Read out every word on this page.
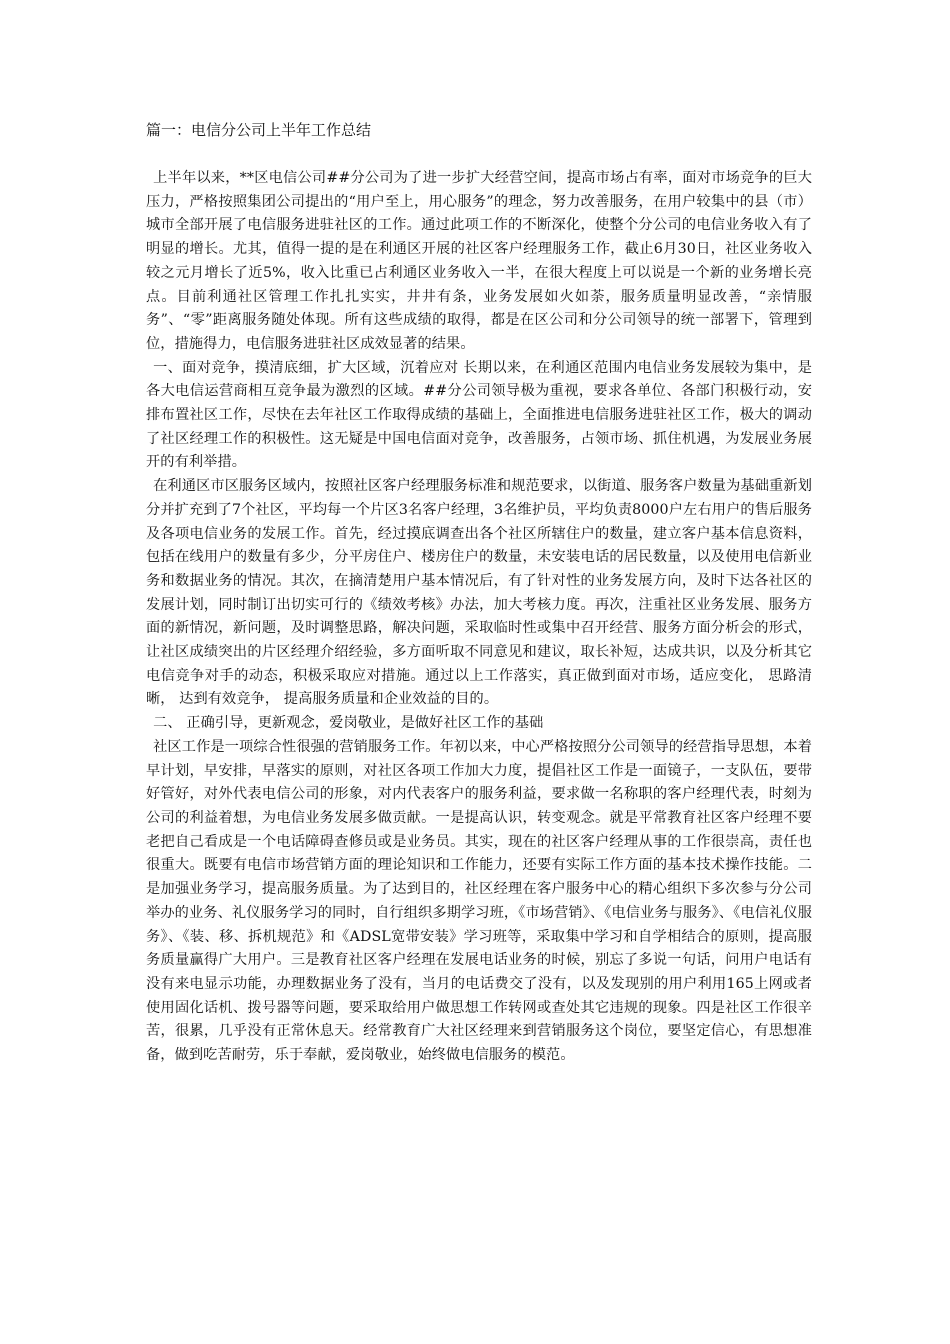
篇一：电信分公司上半年工作总结

上半年以来，**区电信公司##分公司为了进一步扩大经营空间，提高市场占有率，面对市场竞争的巨大压力，严格按照集团公司提出的“用户至上，用心服务”的理念，努力改善服务，在用户较集中的县（市）城市全部开展了电信服务进驻社区的工作。通过此项工作的不断深化，使整个分公司的电信业务收入有了明显的增长。尤其，值得一提的是在利通区开展的社区客户经理服务工作，截止6月30日，社区业务收入较之元月增长了近5%，收入比重已占利通区业务收入一半，在很大程度上可以说是一个新的业务增长亮点。目前利通社区管理工作扎扎实实，井井有条，业务发展如火如荼，服务质量明显改善，“亲情服务”、“零”距离服务随处体现。所有这些成绩的取得，都是在区公司和分公司领导的统一部署下，管理到位，措施得力，电信服务进驻社区成效显著的结果。

一、面对竞争，摸清底细，扩大区域，沉着应对 长期以来，在利通区范围内电信业务发展较为集中，是各大电信运营商相互竞争最为激烈的区域。##分公司领导极为重视，要求各单位、各部门积极行动，安排布置社区工作，尽快在去年社区工作取得成绩的基础上，全面推进电信服务进驻社区工作，极大的调动了社区经理工作的积极性。这无疑是中国电信面对竞争，改善服务，占领市场、抓住机遇，为发展业务展开的有利举措。

在利通区市区服务区域内，按照社区客户经理服务标准和规范要求，以街道、服务客户数量为基础重新划分并扩充到了7个社区，平均每一个片区3名客户经理，3名维护员，平均负责8000户左右用户的售后服务及各项电信业务的发展工作。首先，经过摸底调查出各个社区所辖住户的数量，建立客户基本信息资料，包括在线用户的数量有多少，分平房住户、楼房住户的数量，未安装电话的居民数量，以及使用电信新业务和数据业务的情况。其次，在摘清楚用户基本情况后，有了针对性的业务发展方向，及时下达各社区的发展计划，同时制订出切实可行的《绩效考核》办法，加大考核力度。再次，注重社区业务发展、服务方面的新情况，新问题，及时调整思路，解决问题，采取临时性或集中召开经营、服务方面分析会的形式，让社区成绩突出的片区经理介绍经验，多方面听取不同意见和建议，取长补短，达成共识，以及分析其它电信竞争对手的动态，积极采取应对措施。通过以上工作落实，真正做到面对市场，适应变化， 思路清晰， 达到有效竞争， 提高服务质量和企业效益的目的。

二、 正确引导，更新观念，爱岗敬业，是做好社区工作的基础

社区工作是一项综合性很强的营销服务工作。年初以来，中心严格按照分公司领导的经营指导思想，本着早计划，早安排，早落实的原则，对社区各项工作加大力度，提倡社区工作是一面镜子，一支队伍，要带好管好，对外代表电信公司的形象，对内代表客户的服务利益，要求做一名称职的客户经理代表，时刻为公司的利益着想，为电信业务发展多做贡献。一是提高认识，转变观念。就是平常教育社区客户经理不要老把自己看成是一个电话障碍查修员或是业务员。其实，现在的社区客户经理从事的工作很崇高，责任也很重大。既要有电信市场营销方面的理论知识和工作能力，还要有实际工作方面的基本技术操作技能。二是加强业务学习，提高服务质量。为了达到目的，社区经理在客户服务中心的精心组织下多次参与分公司举办的业务、礼仪服务学习的同时，自行组织多期学习班，《市场营销》、《电信业务与服务》、《电信礼仪服务》、《装、移、拆机规范》和《ADSL宽带安装》学习班等，采取集中学习和自学相结合的原则，提高服务质量赢得广大用户。三是教育社区客户经理在发展电话业务的时候，别忘了多说一句话，问用户电话有没有来电显示功能，办理数据业务了没有，当月的电话费交了没有，以及发现别的用户利用165上网或者使用固化话机、拨号器等问题，要采取给用户做思想工作转网或查处其它违规的现象。四是社区工作很辛苦，很累，几乎没有正常休息天。经常教育广大社区经理来到营销服务这个岗位，要坚定信心，有思想准备，做到吃苦耐劳，乐于奉献，爱岗敬业，始终做电信服务的模范。
